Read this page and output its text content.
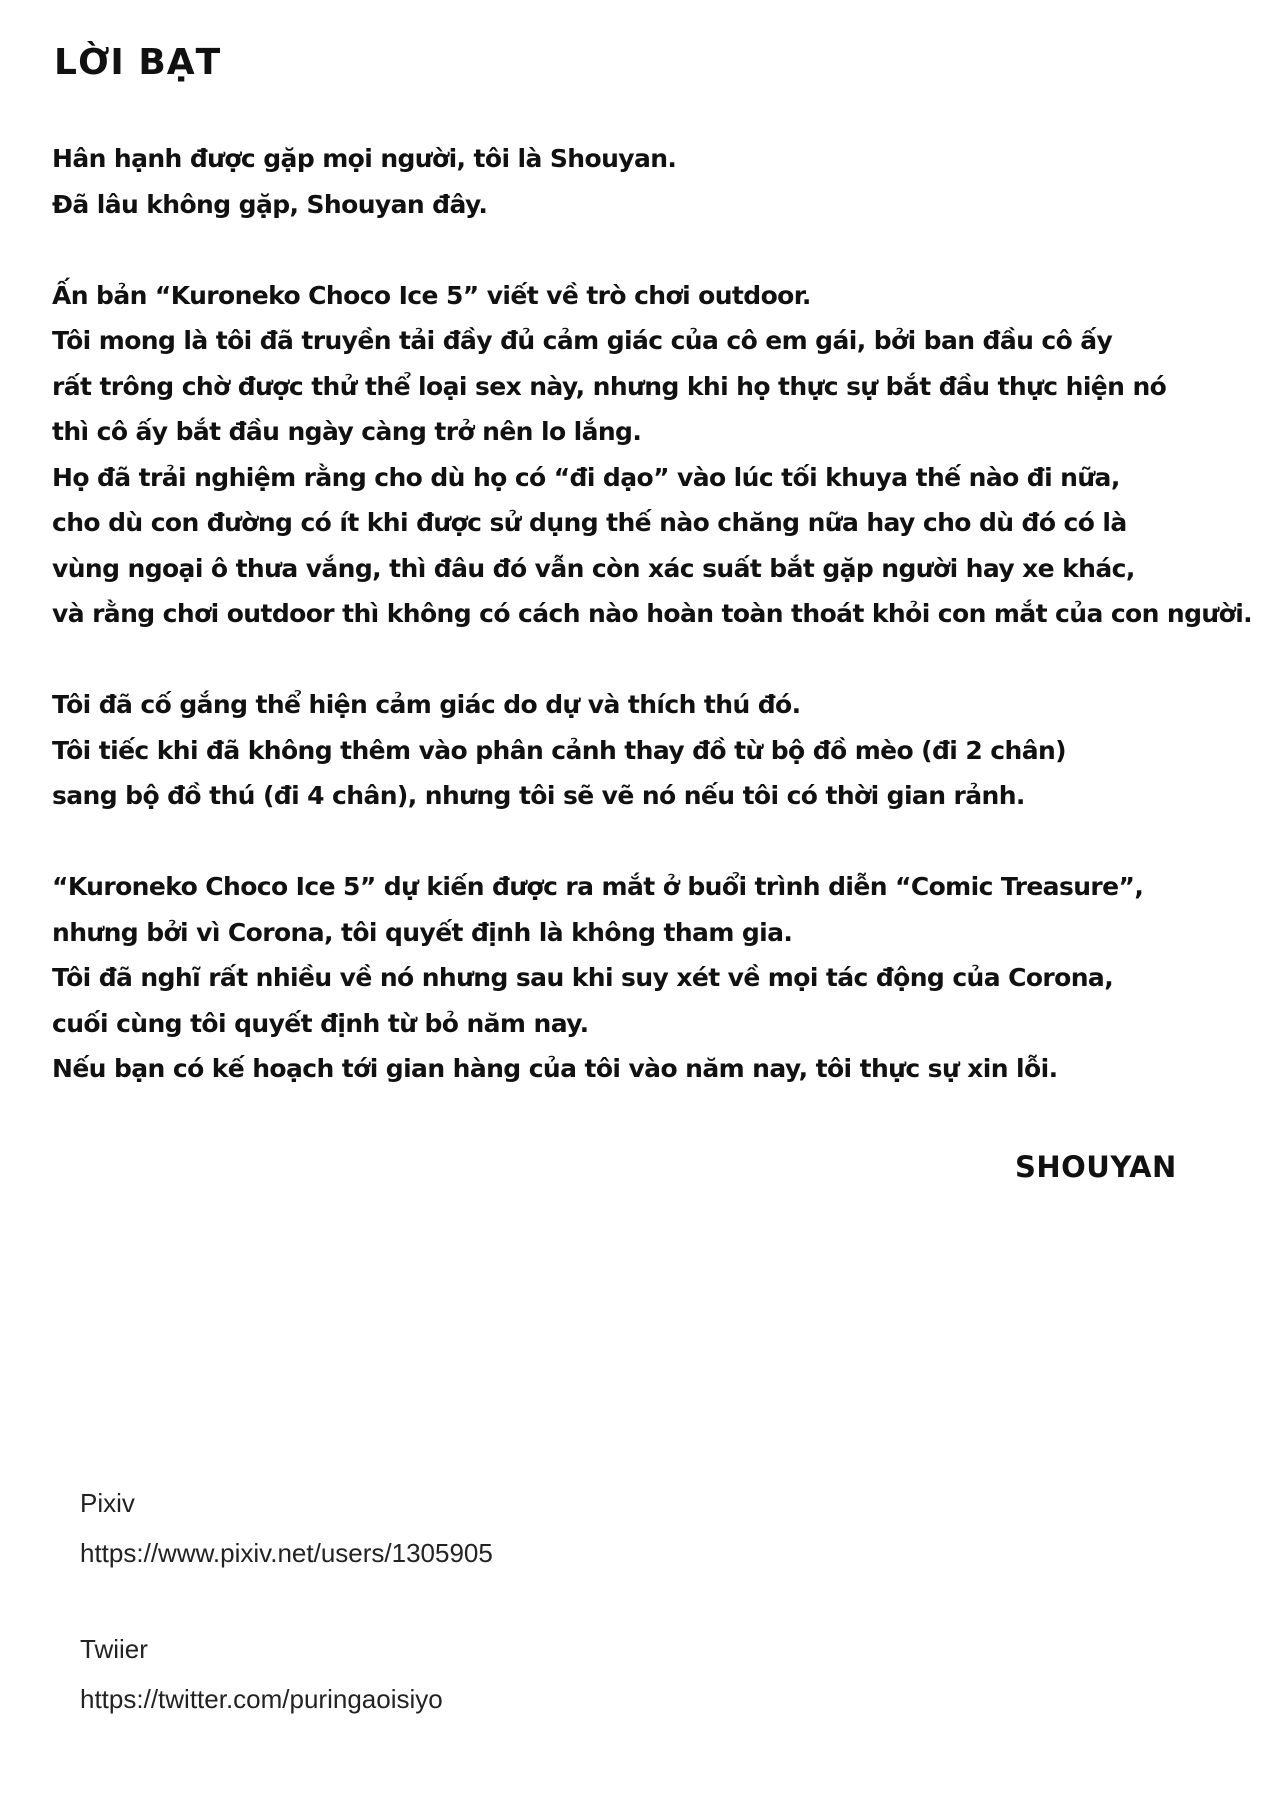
LỜI BẠT

Hân hạnh được gặp mọi người, tôi là Shouyan.
Đã lâu không gặp, Shouyan đây.

Ấn bản “Kuroneko Choco Ice 5” viết về trò chơi outdoor.
Tôi mong là tôi đã truyền tải đầy đủ cảm giác của cô em gái, bởi ban đầu cô ấy
rất trông chờ được thử thể loại sex này, nhưng khi họ thực sự bắt đầu thực hiện nó
thì cô ấy bắt đầu ngày càng trở nên lo lắng.
Họ đã trải nghiệm rằng cho dù họ có “đi dạo” vào lúc tối khuya thế nào đi nữa,
cho dù con đường có ít khi được sử dụng thế nào chăng nữa hay cho dù đó có là
vùng ngoại ô thưa vắng, thì đâu đó vẫn còn xác suất bắt gặp người hay xe khác,
và rằng chơi outdoor thì không có cách nào hoàn toàn thoát khỏi con mắt của con người.

Tôi đã cố gắng thể hiện cảm giác do dự và thích thú đó.
Tôi tiếc khi đã không thêm vào phân cảnh thay đồ từ bộ đồ mèo (đi 2 chân)
sang bộ đồ thú (đi 4 chân), nhưng tôi sẽ vẽ nó nếu tôi có thời gian rảnh.

“Kuroneko Choco Ice 5” dự kiến được ra mắt ở buổi trình diễn “Comic Treasure”,
nhưng bởi vì Corona, tôi quyết định là không tham gia.
Tôi đã nghĩ rất nhiều về nó nhưng sau khi suy xét về mọi tác động của Corona,
cuối cùng tôi quyết định từ bỏ năm nay.
Nếu bạn có kế hoạch tới gian hàng của tôi vào năm nay, tôi thực sự xin lỗi.

SHOUYAN
Pixiv
https://www.pixiv.net/users/1305905
Twiier
https://twitter.com/puringaoisiyo
